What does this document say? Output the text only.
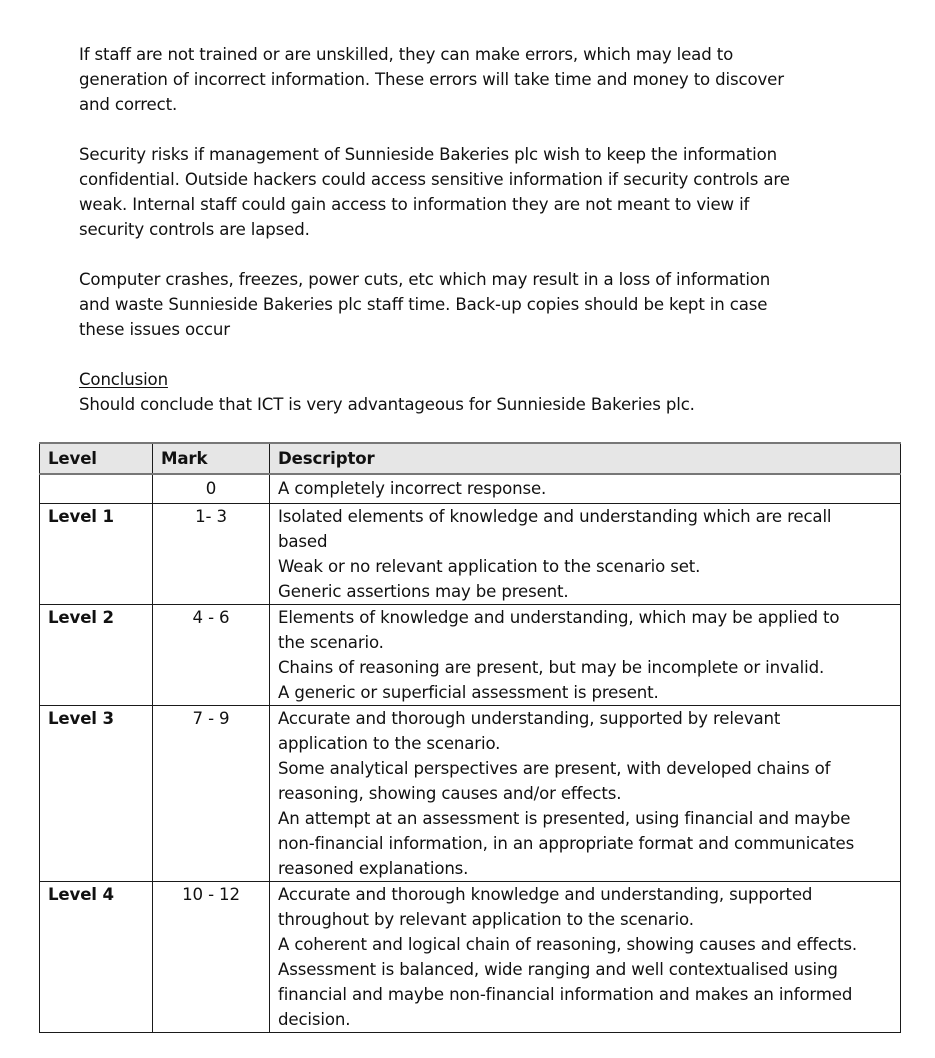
If staff are not trained or are unskilled, they can make errors, which may lead to
generation of incorrect information. These errors will take time and money to discover
and correct.

Security risks if management of Sunnieside Bakeries plc wish to keep the information
confidential. Outside hackers could access sensitive information if security controls are
weak. Internal staff could gain access to information they are not meant to view if
security controls are lapsed.

Computer crashes, freezes, power cuts, etc which may result in a loss of information
and waste Sunnieside Bakeries plc staff time. Back-up copies should be kept in case
these issues occur

Conclusion
Should conclude that ICT is very advantageous for Sunnieside Bakeries plc.

Level	Mark	Descriptor
	0	A completely incorrect response.

Level 1	1- 3	Isolated elements of knowledge and understanding which are recall
based
Weak or no relevant application to the scenario set.
Generic assertions may be present.

Level 2	4 - 6	Elements of knowledge and understanding, which may be applied to
the scenario.
Chains of reasoning are present, but may be incomplete or invalid.
A generic or superficial assessment is present.

Level 3	7 - 9	Accurate and thorough understanding, supported by relevant
application to the scenario.
Some analytical perspectives are present, with developed chains of
reasoning, showing causes and/or effects.
An attempt at an assessment is presented, using financial and maybe
non-financial information, in an appropriate format and communicates
reasoned explanations.

Level 4	10 - 12	Accurate and thorough knowledge and understanding, supported
throughout by relevant application to the scenario.
A coherent and logical chain of reasoning, showing causes and effects.
Assessment is balanced, wide ranging and well contextualised using
financial and maybe non-financial information and makes an informed
decision.
